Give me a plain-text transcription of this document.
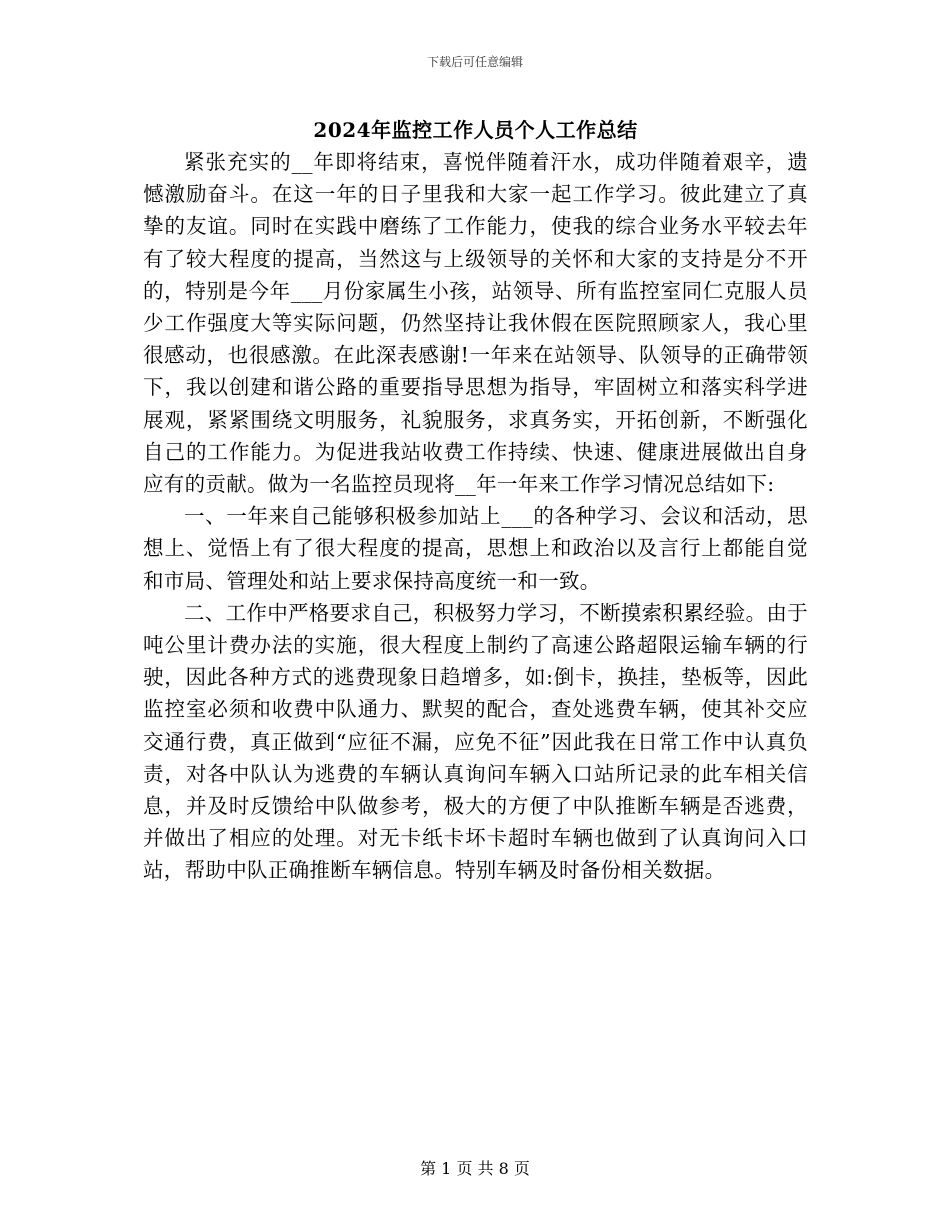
下载后可任意编辑
2024年监控工作人员个人工作总结

紧张充实的__年即将结束，喜悦伴随着汗水，成功伴随着艰辛，遗憾激励奋斗。在这一年的日子里我和大家一起工作学习。彼此建立了真挚的友谊。同时在实践中磨练了工作能力，使我的综合业务水平较去年有了较大程度的提高，当然这与上级领导的关怀和大家的支持是分不开的，特别是今年___月份家属生小孩，站领导、所有监控室同仁克服人员少工作强度大等实际问题，仍然坚持让我休假在医院照顾家人，我心里很感动，也很感激。在此深表感谢!一年来在站领导、队领导的正确带领下，我以创建和谐公路的重要指导思想为指导，牢固树立和落实科学进展观，紧紧围绕文明服务，礼貌服务，求真务实，开拓创新，不断强化自己的工作能力。为促进我站收费工作持续、快速、健康进展做出自身应有的贡献。做为一名监控员现将__年一年来工作学习情况总结如下:

一、一年来自己能够积极参加站上___的各种学习、会议和活动，思想上、觉悟上有了很大程度的提高，思想上和政治以及言行上都能自觉和市局、管理处和站上要求保持高度统一和一致。

二、工作中严格要求自己，积极努力学习，不断摸索积累经验。由于吨公里计费办法的实施，很大程度上制约了高速公路超限运输车辆的行驶，因此各种方式的逃费现象日趋增多，如:倒卡，换挂，垫板等，因此监控室必须和收费中队通力、默契的配合，查处逃费车辆，使其补交应交通行费，真正做到“应征不漏，应免不征”因此我在日常工作中认真负责，对各中队认为逃费的车辆认真询问车辆入口站所记录的此车相关信息，并及时反馈给中队做参考，极大的方便了中队推断车辆是否逃费，并做出了相应的处理。对无卡纸卡坏卡超时车辆也做到了认真询问入口站，帮助中队正确推断车辆信息。特别车辆及时备份相关数据。

第 1 页 共 8 页
